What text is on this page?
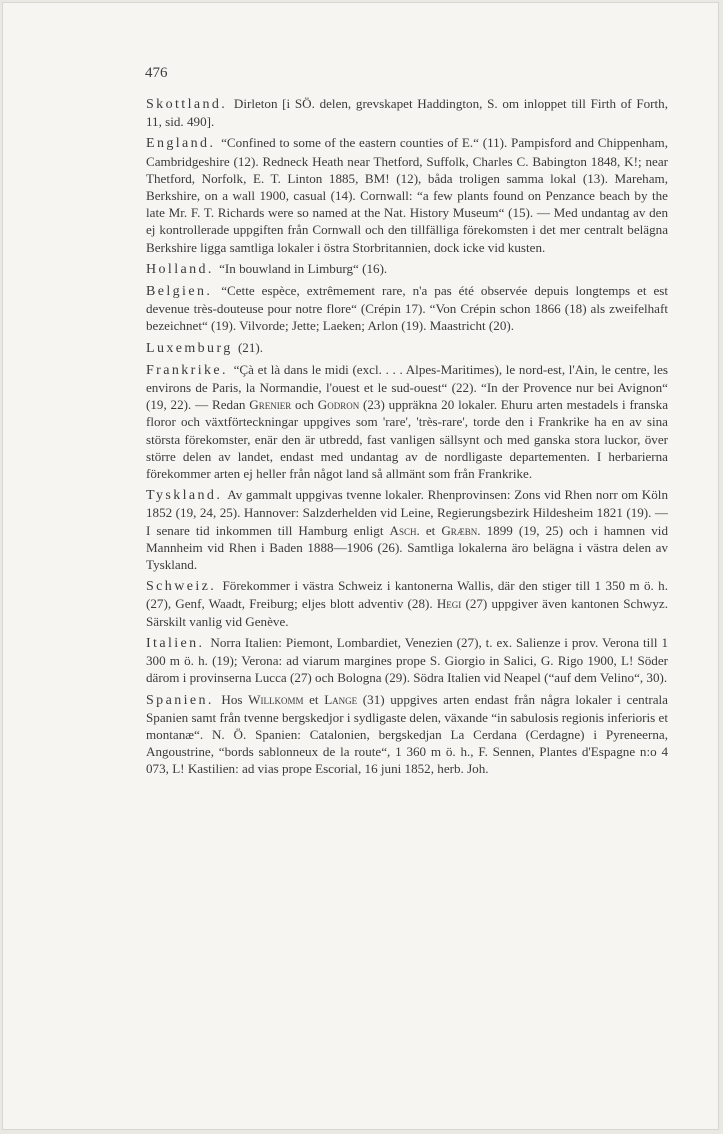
476

Skottland. Dirleton [i SÖ. delen, grevskapet Haddington, S. om inloppet till Firth of Forth, 11, sid. 490].

England. “Confined to some of the eastern counties of E.“ (11). Pampisford and Chippenham, Cambridgeshire (12). Redneck Heath near Thetford, Suffolk, Charles C. Babington 1848, K!; near Thetford, Norfolk, E. T. Linton 1885, BM! (12), båda troligen samma lokal (13). Mareham, Berkshire, on a wall 1900, casual (14). Cornwall: “a few plants found on Penzance beach by the late Mr. F. T. Richards were so named at the Nat. History Museum“ (15). — Med undantag av den ej kontrollerade uppgiften från Cornwall och den tillfälliga förekomsten i det mer centralt belägna Berkshire ligga samtliga lokaler i östra Storbritannien, dock icke vid kusten.

Holland. “In bouwland in Limburg“ (16).

Belgien. “Cette espèce, extrêmement rare, n'a pas été observée depuis longtemps et est devenue très-douteuse pour notre flore“ (Crépin 17). “Von Crépin schon 1866 (18) als zweifelhaft bezeichnet“ (19). Vilvorde; Jette; Laeken; Arlon (19). Maastricht (20).

Luxemburg (21).

Frankrike. “Çà et là dans le midi (excl. . . . Alpes-Maritimes), le nord-est, l'Ain, le centre, les environs de Paris, la Normandie, l'ouest et le sud-ouest“ (22). “In der Provence nur bei Avignon“ (19, 22). — Redan Grenier och Godron (23) uppräkna 20 lokaler. Ehuru arten mestadels i franska floror och växtförteckningar uppgives som 'rare', 'très-rare', torde den i Frankrike ha en av sina största förekomster, enär den är utbredd, fast vanligen sällsynt och med ganska stora luckor, över större delen av landet, endast med undantag av de nordligaste departementen. I herbarierna förekommer arten ej heller från något land så allmänt som från Frankrike.

Tyskland. Av gammalt uppgivas tvenne lokaler. Rhenprovinsen: Zons vid Rhen norr om Köln 1852 (19, 24, 25). Hannover: Salzderhelden vid Leine, Regierungsbezirk Hildesheim 1821 (19). — I senare tid inkommen till Hamburg enligt Asch. et Græbn. 1899 (19, 25) och i hamnen vid Mannheim vid Rhen i Baden 1888—1906 (26). Samtliga lokalerna äro belägna i västra delen av Tyskland.

Schweiz. Förekommer i västra Schweiz i kantonerna Wallis, där den stiger till 1 350 m ö. h. (27), Genf, Waadt, Freiburg; eljes blott adventiv (28). Hegi (27) uppgiver även kantonen Schwyz. Särskilt vanlig vid Genève.

Italien. Norra Italien: Piemont, Lombardiet, Venezien (27), t. ex. Salienze i prov. Verona till 1 300 m ö. h. (19); Verona: ad viarum margines prope S. Giorgio in Salici, G. Rigo 1900, L! Söder därom i provinserna Lucca (27) och Bologna (29). Södra Italien vid Neapel (“auf dem Velino“, 30).

Spanien. Hos Willkomm et Lange (31) uppgives arten endast från några lokaler i centrala Spanien samt från tvenne bergskedjor i sydligaste delen, växande “in sabulosis regionis inferioris et montanæ“. N. Ö. Spanien: Catalonien, bergskedjan La Cerdana (Cerdagne) i Pyreneerna, Angoustrine, “bords sablonneux de la route“, 1 360 m ö. h., F. Sennen, Plantes d'Espagne n:o 4 073, L! Kastilien: ad vias prope Escorial, 16 juni 1852, herb. Joh.
